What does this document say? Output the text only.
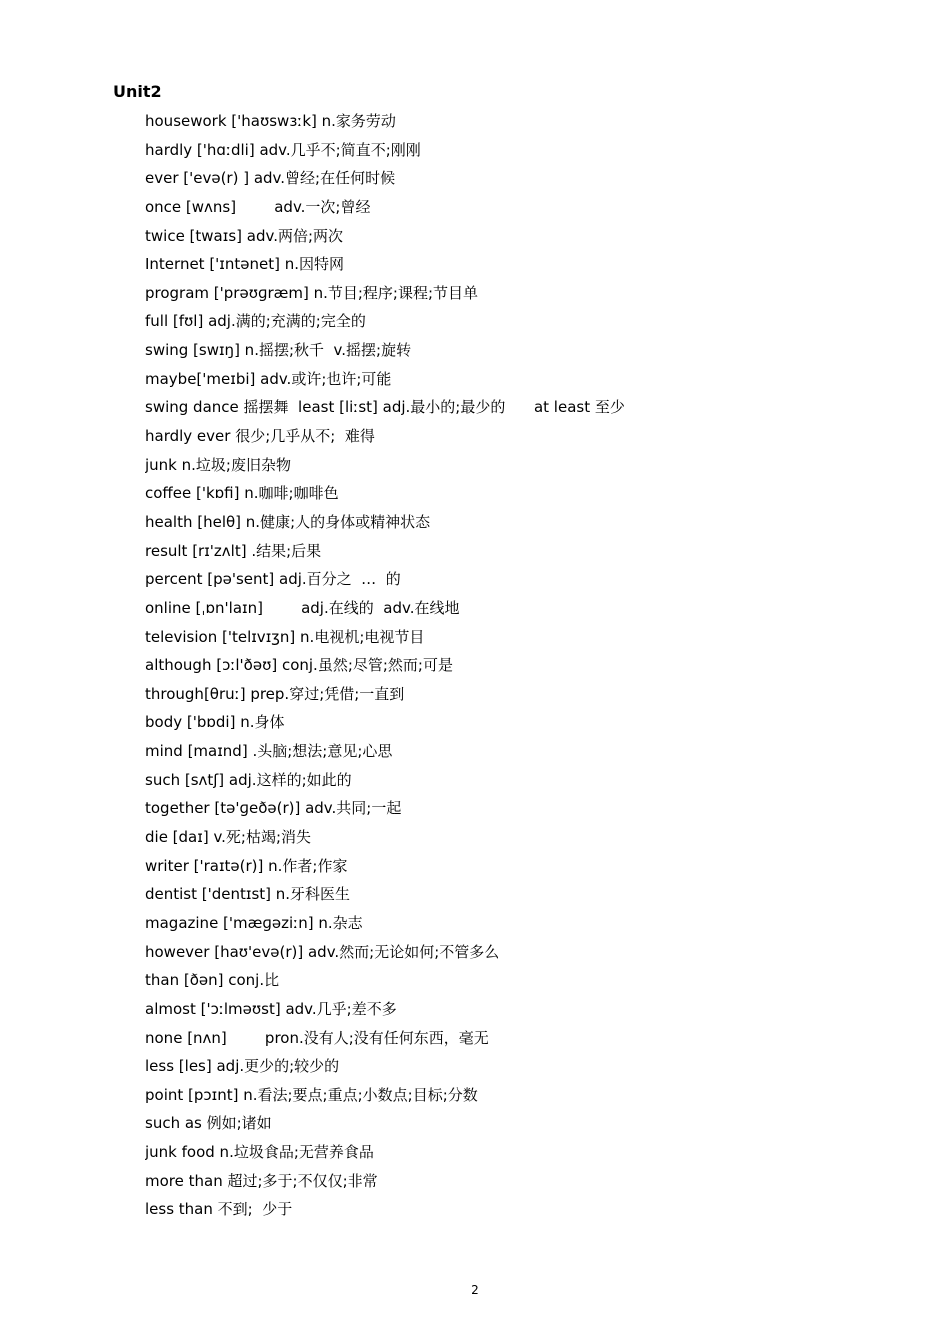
Unit2
housework ['haʊswɜːk] n.家务劳动
hardly ['hɑːdli] adv.几乎不;简直不;刚刚
ever ['evə(r) ] adv.曾经;在任何时候
once [wʌns]        adv.一次;曾经
twice [twaɪs] adv.两倍;两次
Internet ['ɪntənet] n.因特网
program ['prəʊɡræm] n.节目;程序;课程;节目单
full [fʊl] adj.满的;充满的;完全的
swing [swɪŋ] n.摇摆;秋千  v.摇摆;旋转
maybe['meɪbi] adv.或许;也许;可能
swing dance 摇摆舞  least [liːst] adj.最小的;最少的      at least 至少
hardly ever 很少;几乎从不;  难得
junk n.垃圾;废旧杂物
coffee ['kɒfi] n.咖啡;咖啡色
health [helθ] n.健康;人的身体或精神状态
result [rɪ'zʌlt] .结果;后果
percent [pə'sent] adj.百分之  …  的
online [ˌɒn'laɪn]        adj.在线的  adv.在线地
television ['telɪvɪʒn] n.电视机;电视节目
although [ɔːl'ðəʊ] conj.虽然;尽管;然而;可是
through[θruː] prep.穿过;凭借;一直到
body ['bɒdi] n.身体
mind [maɪnd] .头脑;想法;意见;心思
such [sʌtʃ] adj.这样的;如此的
together [tə'ɡeðə(r)] adv.共同;一起
die [daɪ] v.死;枯竭;消失
writer ['raɪtə(r)] n.作者;作家
dentist ['dentɪst] n.牙科医生
magazine ['mæɡəziːn] n.杂志
however [haʊ'evə(r)] adv.然而;无论如何;不管多么
than [ðən] conj.比
almost ['ɔːlməʊst] adv.几乎;差不多
none [nʌn]        pron.没有人;没有任何东西，毫无
less [les] adj.更少的;较少的
point [pɔɪnt] n.看法;要点;重点;小数点;目标;分数
such as 例如;诸如
junk food n.垃圾食品;无营养食品
more than 超过;多于;不仅仅;非常
less than 不到;  少于
2
